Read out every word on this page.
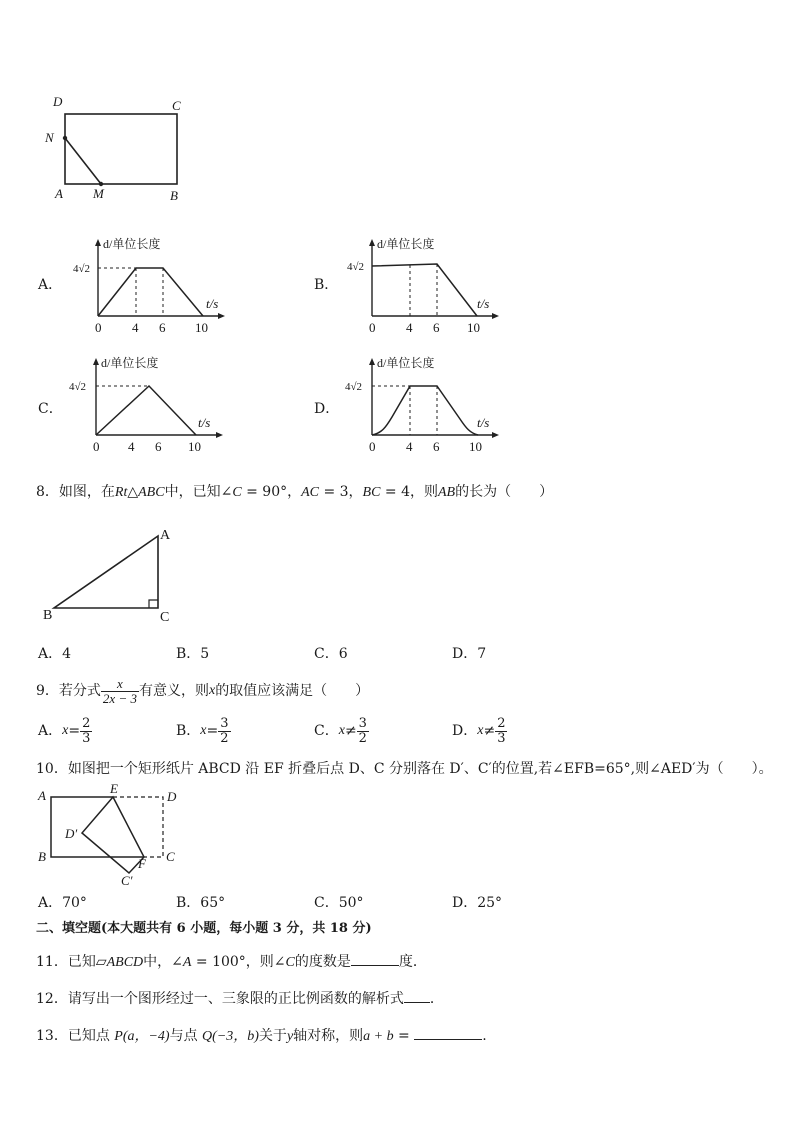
D	C
N
A M	B
A．
d/单位长度
4√2
t/s
0 4 6 10
B．
d/单位长度
4√2
t/s
0 4 6 10
C．
d/单位长度
4√2
t/s
0 4 6 10
D．
d/单位长度
4√2
t/s
0 4 6 10
8．如图，在Rt△ABC中，已知∠C = 90°，AC = 3，BC = 4，则AB的长为（　　）
A
B	C
A．4	B．5	C．6	D．7
9．若分式 $\frac{x}{2x - 3}$ 有意义，则 x 的取值应该满足（　　）
A． $x = \frac{2}{3}$	B． $x = \frac{3}{2}$	C． $x \ne \frac{3}{2}$	D． $x \ne \frac{2}{3}$
10．如图把一个矩形纸片 ABCD 沿 EF 折叠后点 D、C 分别落在 D′、C′的位置,若∠EFB=65°,则∠AED′为（　　）。
A	E
D
D′
B	F C
C′
A．70°	B．65°	C．50°	D．25°
二、填空题(本大题共有 6 小题，每小题 3 分，共 18 分)
11．已知▱ABCD中，∠A = 100°，则∠C的度数是	度．
12．请写出一个图形经过一、三象限的正比例函数的解析式 ．
13．已知点 P(a，−4)与点 Q(−3，b)关于y轴对称，则a + b =	.
